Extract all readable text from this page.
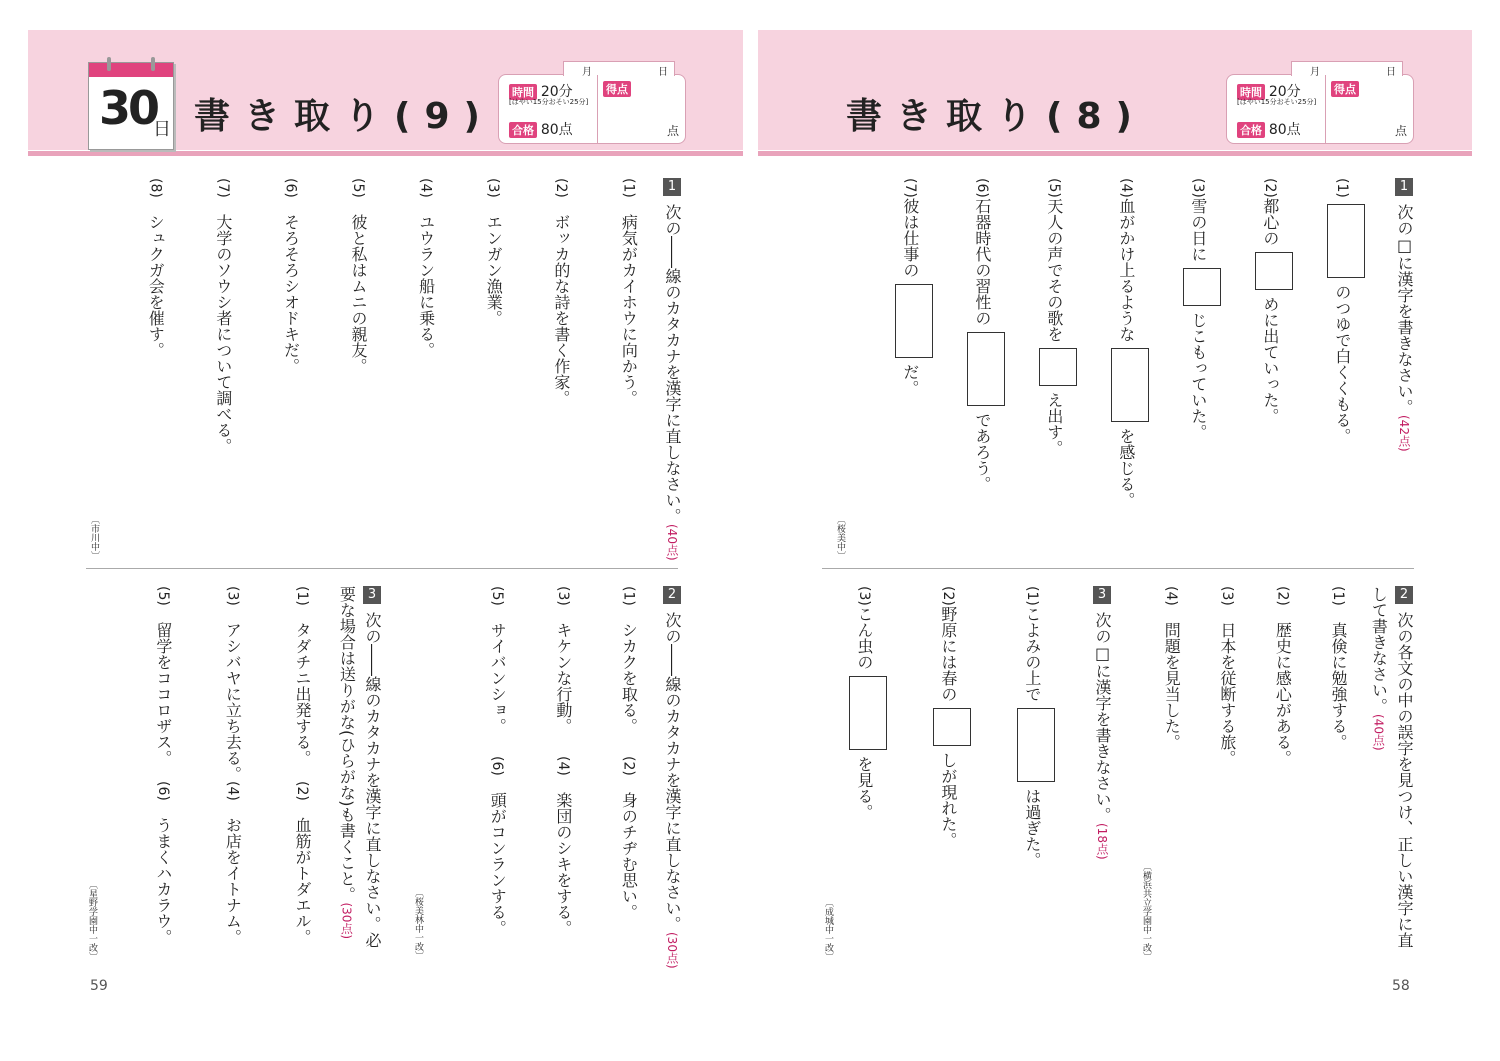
30
日 書き取り(9)
月	日
時間 20分
[はやい15分おそい25分]
合格 80点
得点
点
1次の――線のカタカナを漢字に直しなさい。(40点)
(1)　病気がカイホウに向かう。
(2)　ボッカ的な詩を書く作家。
(3)　エンガン漁業。
(4)　ユウラン船に乗る。
(5)　彼と私はムニの親友。
(6)　そろそろシオドキだ。
(7)　大学のソウシ者について調べる。
(8)　シュクガ会を催す。
〔市川中〕
2次の――線のカタカナを漢字に直しなさい。(30点)
(1)　シカクを取る。
(2)　身のチヂむ思い。
(3)　キケンな行動。
(4)　楽団のシキをする。
(5)　サイバンショ。
(6)　頭がコンランする。
〔桜美林中一改〕
3次の――線のカタカナを漢字に直しなさい。必要な場合は送りがな(ひらがな)も書くこと。(30点)
(1)　タダチニ出発する。
(2)　血筋がトダエル。
(3)　アシバヤに立ち去る。
(4)　お店をイトナム。
(5)　留学をココロザス。
(6)　うまくハカラウ。
〔星野学園中一改〕
59
書き取り(8)
月	日
時間 20分
[はやい15分おそい25分]
合格 80点
得点
点
1次の□に漢字を書きなさい。(42点)
(1)のつゆで白くくもる。
(2)都心のめに出ていった。
(3)雪の日にじこもっていた。
(4)血がかけ上るようなを感じる。
(5)天人の声でその歌をえ出す。
(6)石器時代の習性のであろう。
(7)彼は仕事のだ。
〔桜美中〕
2次の各文の中の誤字を見つけ、正しい漢字に直して書きなさい。(40点)
(1)　真倹に勉強する。
(2)　歴史に感心がある。
(3)　日本を従断する旅。
(4)　問題を見当した。
〔横浜共立学園中一改〕
3次の□に漢字を書きなさい。(18点)
(1)こよみの上では過ぎた。
(2)野原には春のしが現れた。
(3)こん虫のを見る。
〔成城中一改〕
58
